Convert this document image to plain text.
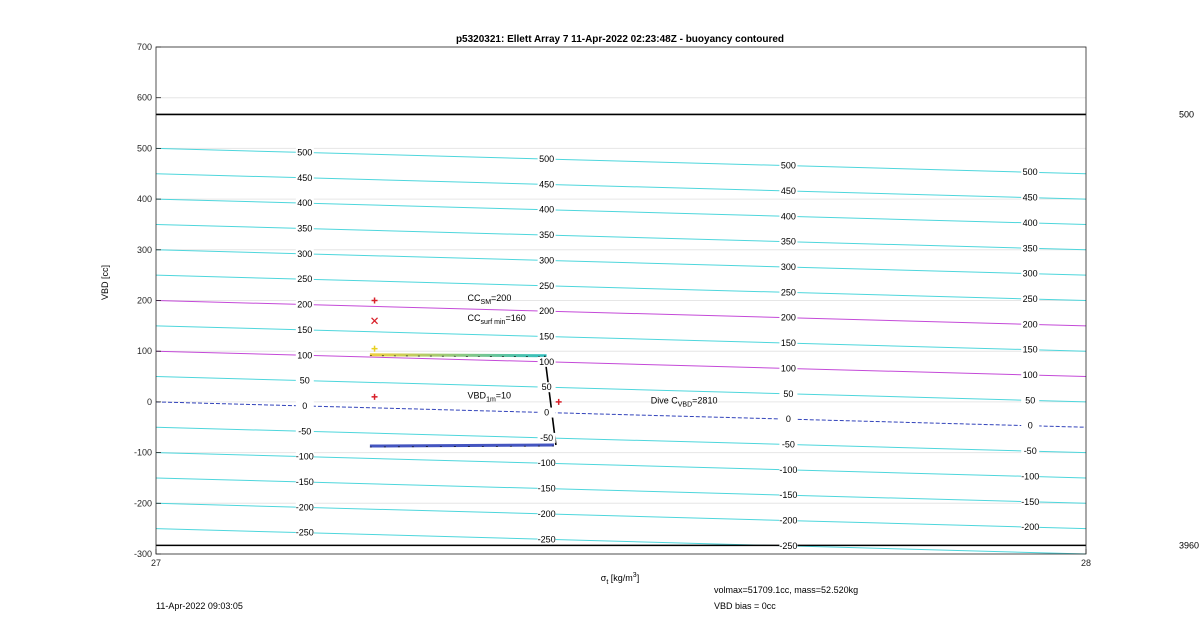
500
3960
-250
-250
-250
-200
-200
-200
-200
-150
-150
-150
-150
-100
-100
-100
-100
-50
-50
-50
-50
0
0
0
0
50
50
50
50
100
100
100
100
150
150
150
150
200
200
200
200
250
250
250
250
300
300
300
300
350
350
350
350
400
400
400
400
450
450
450
450
500
500
500
500
$CC_{SM}=200$
$CC_{surf min}=160$
$VBD_{1m}=10$
Dive $C_{VBD}=2810$
-300
-200
-100
0
100
200
300
400
500
600
700
27	28
p5320321: Ellett Array 7 11-Apr-2022 02:23:48Z - buoyancy contoured
$\sigma_t$ $[kg/m^3]$
VBD [cc]
11-Apr-2022 09:03:05
volmax=51709.1cc, mass=52.520kg
VBD bias = 0cc
